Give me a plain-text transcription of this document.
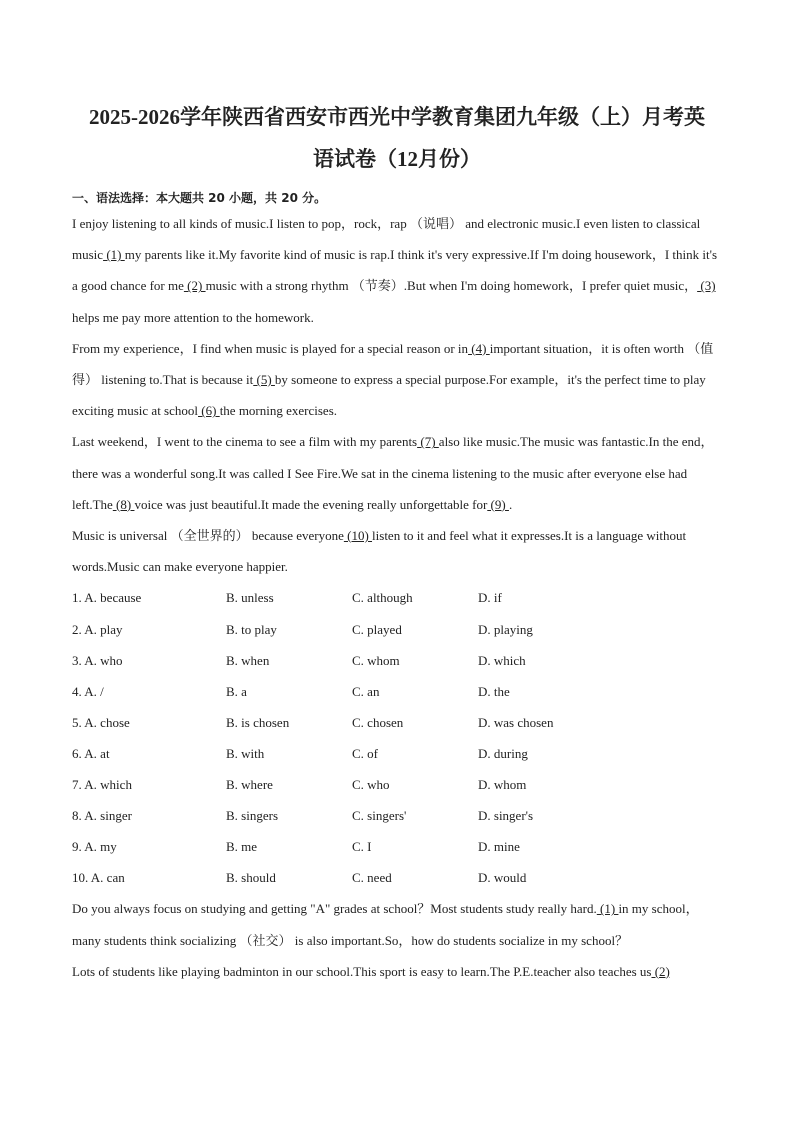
2025-2026学年陕西省西安市西光中学教育集团九年级（上）月考英
语试卷（12月份）
一、语法选择：本大题共 20 小题，共 20 分。

I enjoy listening to all kinds of music.I listen to pop，rock，rap （说唱） and electronic music.I even listen to classical music (1) my parents like it.My favorite kind of music is rap.I think it's very expressive.If I'm doing housework，I think it's a good chance for me (2) music with a strong rhythm （节奏）.But when I'm doing homework，I prefer quiet music， (3) helps me pay more attention to the homework.

From my experience，I find when music is played for a special reason or in (4) important situation，it is often worth （值得） listening to.That is because it (5) by someone to express a special purpose.For example，it's the perfect time to play exciting music at school (6) the morning exercises.

Last weekend，I went to the cinema to see a film with my parents (7) also like music.The music was fantastic.In the end，there was a wonderful song.It was called I See Fire.We sat in the cinema listening to the music after everyone else had left.The (8) voice was just beautiful.It made the evening really unforgettable for (9) .

Music is universal （全世界的） because everyone (10) listen to it and feel what it expresses.It is a language without words.Music can make everyone happier.

1. A. because	B. unless	C. although	D. if
2. A. play	B. to play	C. played	D. playing
3. A. who	B. when	C. whom	D. which
4. A. /	B. a	C. an	D. the
5. A. chose	B. is chosen	C. chosen	D. was chosen
6. A. at	B. with	C. of	D. during
7. A. which	B. where	C. who	D. whom
8. A. singer	B. singers	C. singers'	D. singer's
9. A. my	B. me	C. I	D. mine
10. A. can	B. should	C. need	D. would

Do you always focus on studying and getting "A" grades at school？Most students study really hard. (1) in my school，many students think socializing （社交） is also important.So，how do students socialize in my school？

Lots of students like playing badminton in our school.This sport is easy to learn.The P.E.teacher also teaches us (2)
